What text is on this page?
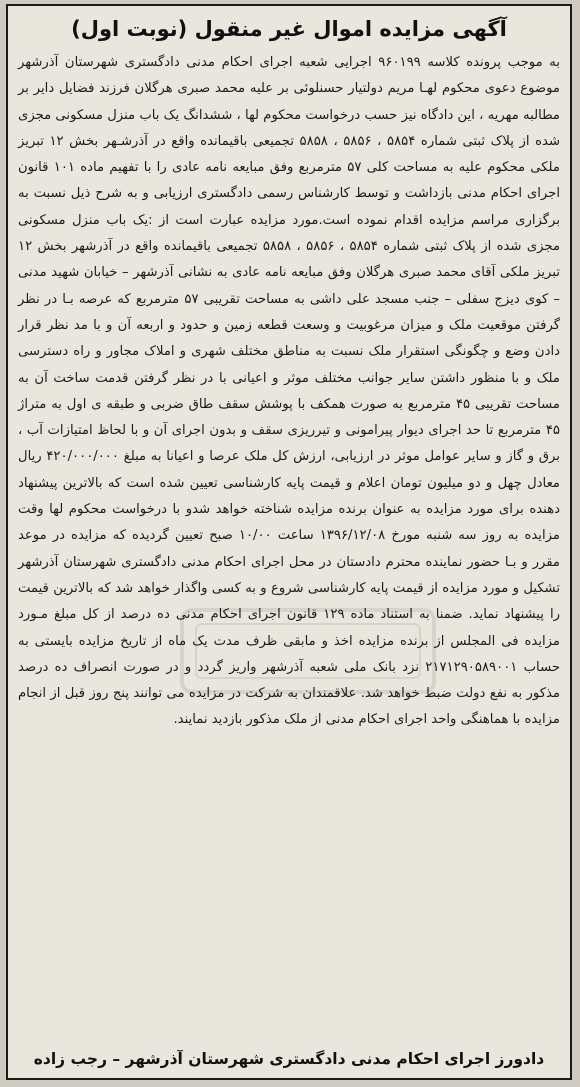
آگهی مزایده اموال غیر منقول (نوبت اول)
به موجب پرونده کلاسه ۹۶۰۱۹۹ اجرایی شعبه اجرای احکام مدنی دادگستری شهرستان آذرشهر موضوع دعوی محکوم لهـا مریم دولتیار حسنلوئی بر علیه محمد صبری هرگلان فرزند فضایل دایر بر مطالبه مهریه ، این دادگاه نیز حسب درخواست محکوم لها ، ششدانگ یک باب منزل مسکونی مجزی شده از پلاک ثبتی شماره ۵۸۵۴ ، ۵۸۵۶ ، ۵۸۵۸ تجمیعی باقیمانده واقع در آذرشـهر بخش ۱۲ تبریز ملکی محکوم علیه به مساحت کلی ۵۷ مترمربع وفق مبایعه نامه عادی را با تفهیم ماده ۱۰۱ قانون اجرای احکام مدنی بازداشت و توسط کارشناس رسمی دادگستری ارزیابی و به شرح ذیل نسبت به برگزاری مراسم مزایده اقدام نموده است.مورد مزایده عبارت است از :یک باب منزل مسکونی مجزی شده از پلاک ثبتی شماره ۵۸۵۴ ، ۵۸۵۶ ، ۵۸۵۸ تجمیعی باقیمانده واقع در آذرشهر بخش ۱۲ تبریز ملکی آقای محمد صبری هرگلان وفق مبایعه نامه عادی به نشانی آذرشهر – خیابان شهید مدنی – کوی دیزج سفلی – جنب مسجد علی داشی به مساحت تقریبی ۵۷ مترمربع که عرصه بـا در نظر گرفتن موقعیت ملک و میزان مرغوبیت و وسعت قطعه زمین و حدود و اربعه آن و با مد نظر قرار دادن وضع و چگونگی استقرار ملک نسبت به مناطق مختلف شهری و املاک مجاور و راه دسترسی ملک و با منظور داشتن سایر جوانب مختلف موثر و اعیانی با در نظر گرفتن قدمت ساخت آن به مساحت تقریبی ۴۵ مترمربع به صورت همکف با پوشش سقف طاق ضربی و طبقه ی اول به متراژ ۴۵ مترمربع تا حد اجرای دیوار پیرامونی و تیرریزی سقف و بدون اجرای آن و با لحاظ امتیازات آب ، برق و گاز و سایر عوامل موثر در ارزیابی، ارزش کل ملک عرصا و اعیانا به مبلغ ۴۲۰/۰۰۰/۰۰۰ ریال معادل چهل و دو میلیون تومان اعلام و قیمت پایه کارشناسی تعیین شده است که بالاترین پیشنهاد دهنده برای مورد مزایده به عنوان برنده مزایده شناخته خواهد شدو با درخواست محکوم لها وقت مزایده به روز سه شنبه مورخ ۱۳۹۶/۱۲/۰۸ ساعت ۱۰/۰۰ صبح تعیین گردیده که مزایده در موعد مقرر و بـا حضور نماینده محترم دادستان در محل اجرای احکام مدنی دادگستری شهرستان آذرشهر تشکیل و مورد مزایده از قیمت پایه کارشناسی شروع و به کسی واگذار خواهد شد که بالاترین قیمت را پیشنهاد نماید. ضمنا به استناد ماده ۱۲۹ قانون اجرای احکام مدنی ده درصد از کل مبلغ مـورد مزایده فی المجلس از برنده مزایده اخذ و مابقی ظرف مدت یک ماه از تاریخ مزایده بایستی به حساب ۲۱۷۱۲۹۰۵۸۹۰۰۱ نزد بانک ملی شعبه آذرشهر واریز گردد و در صورت انصراف ده درصد مذکور به نفع دولت ضبط خواهد شد. علاقمندان به شرکت در مزایده می توانند پنج روز قبل از انجام مزایده با هماهنگی واحد اجرای احکام مدنی از ملک مذکور بازدید نمایند.
دادورز اجرای احکام مدنی دادگستری شهرستان آذرشهر – رجب زاده
